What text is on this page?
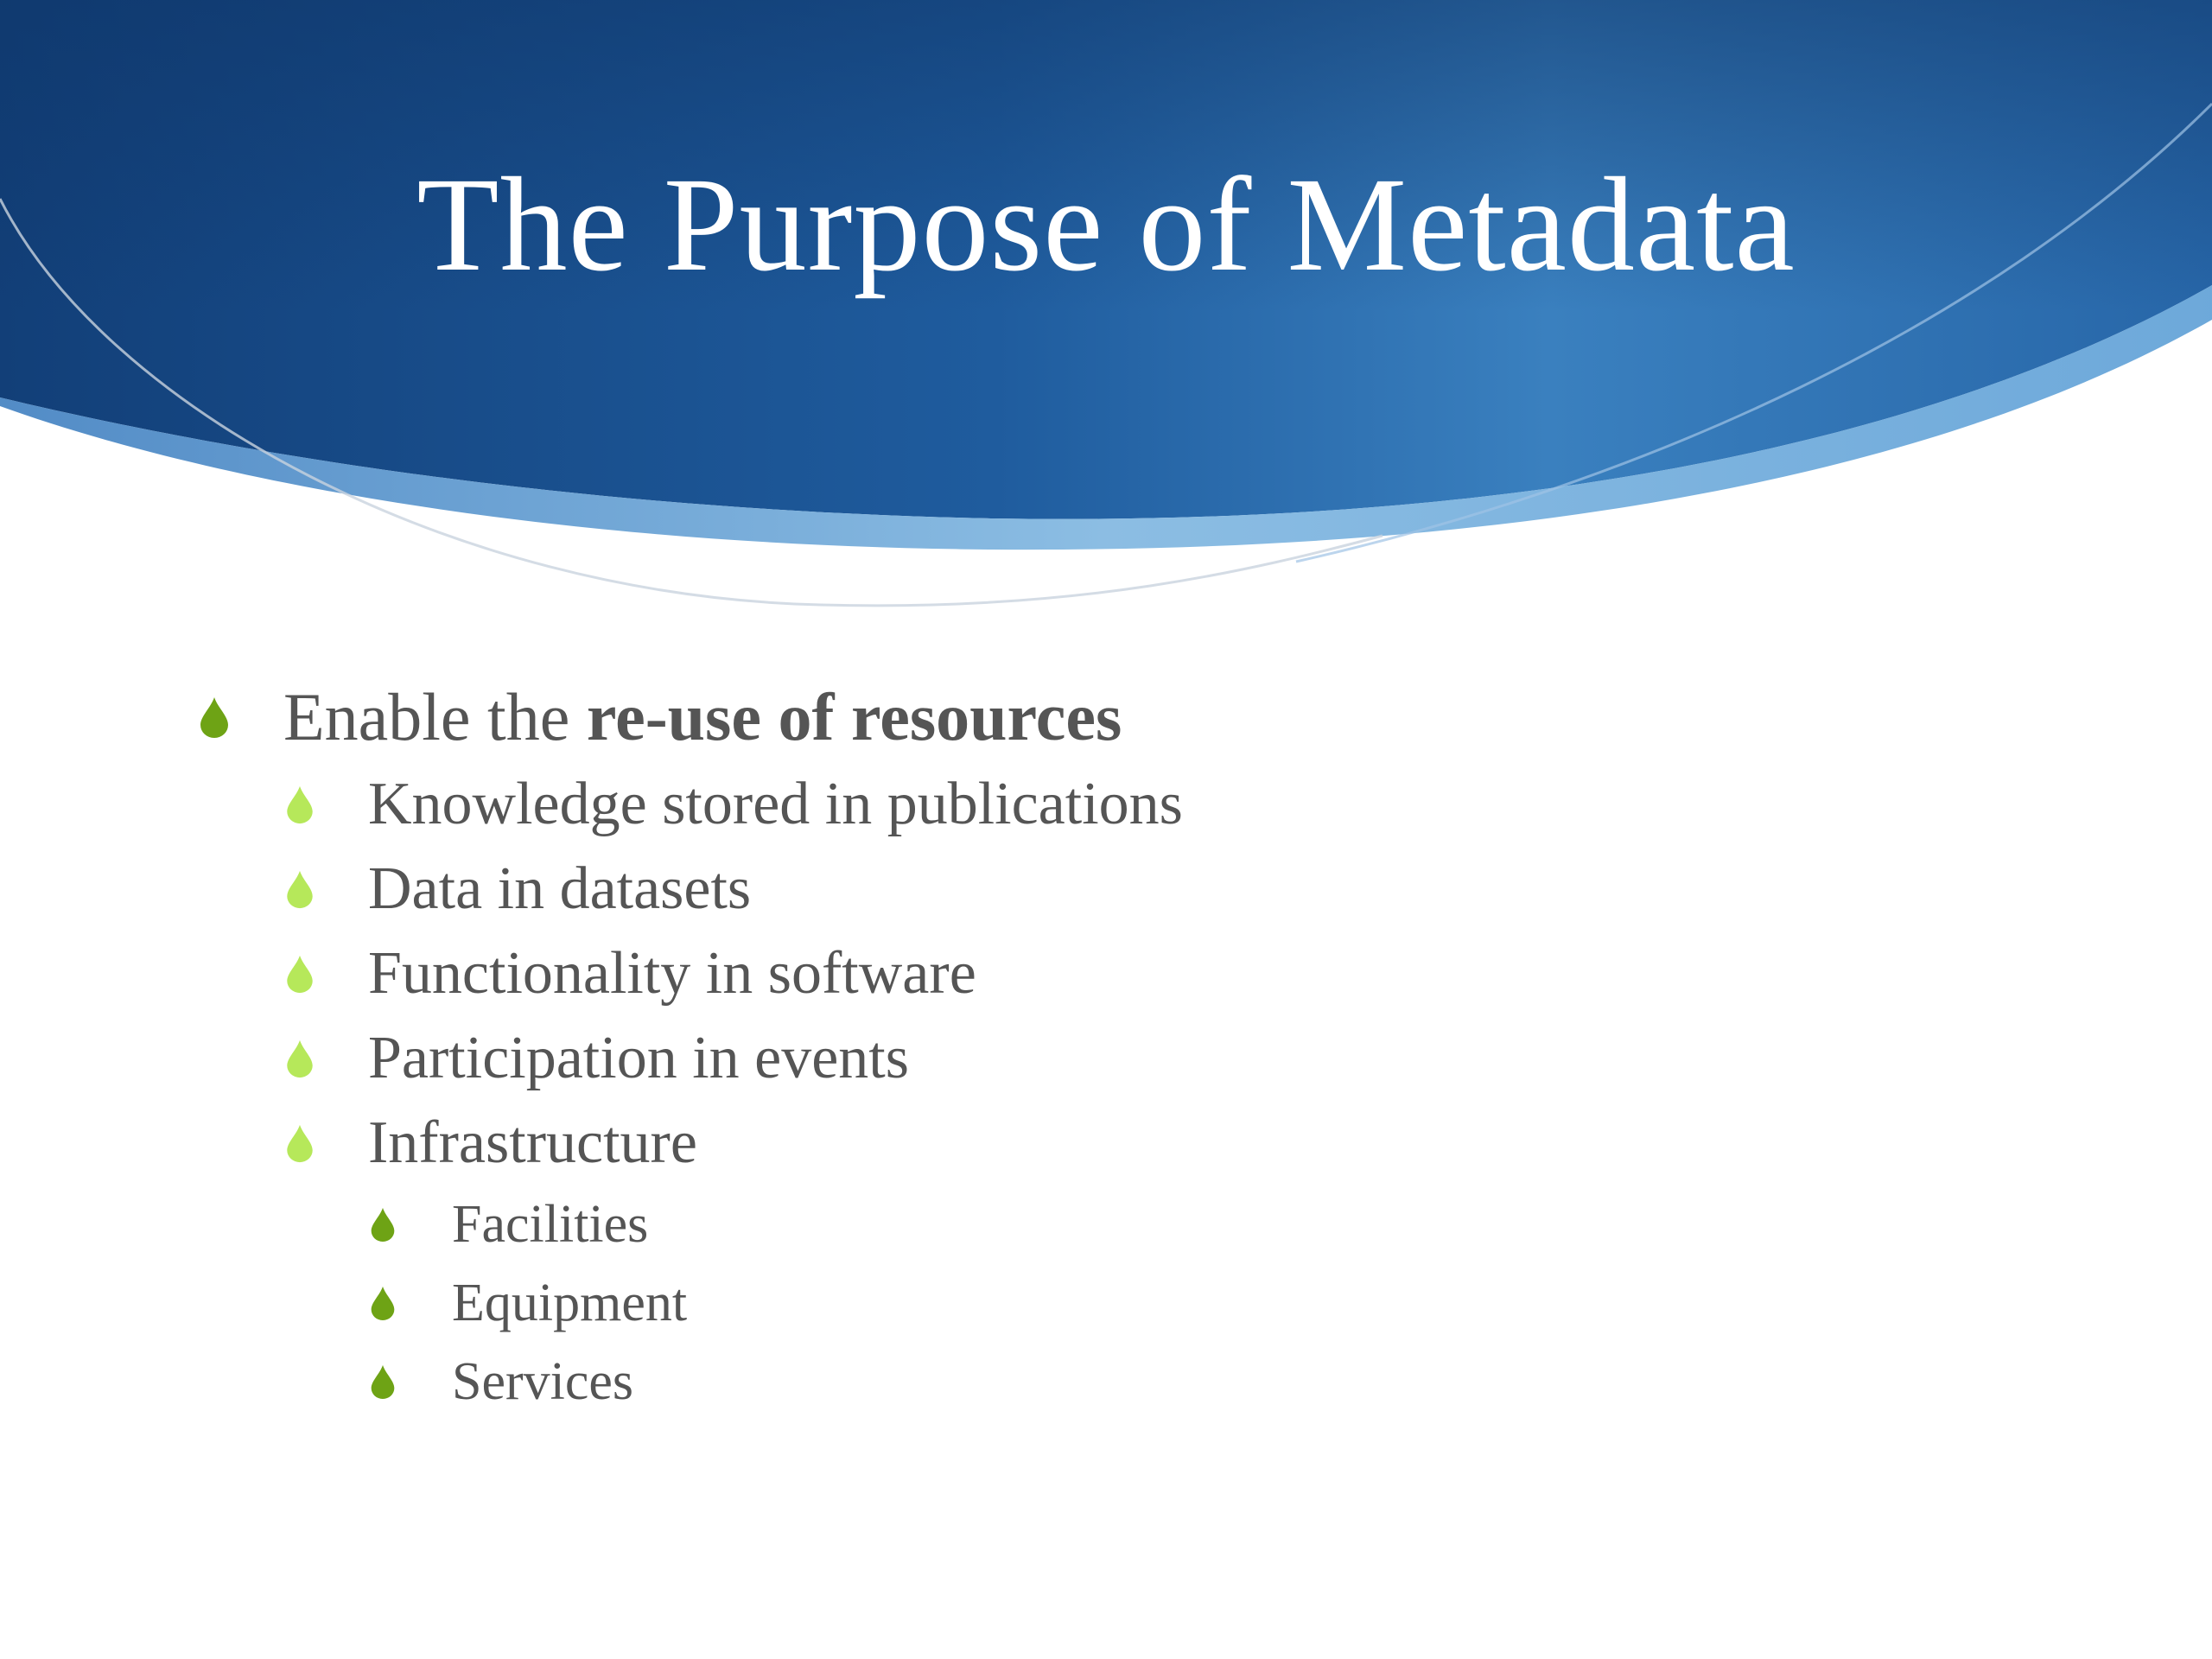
The Purpose of Metadata
Enable the re-use of resources
Knowledge stored in publications
Data in datasets
Functionality in software
Participation in events
Infrastructure
Facilities
Equipment
Services
